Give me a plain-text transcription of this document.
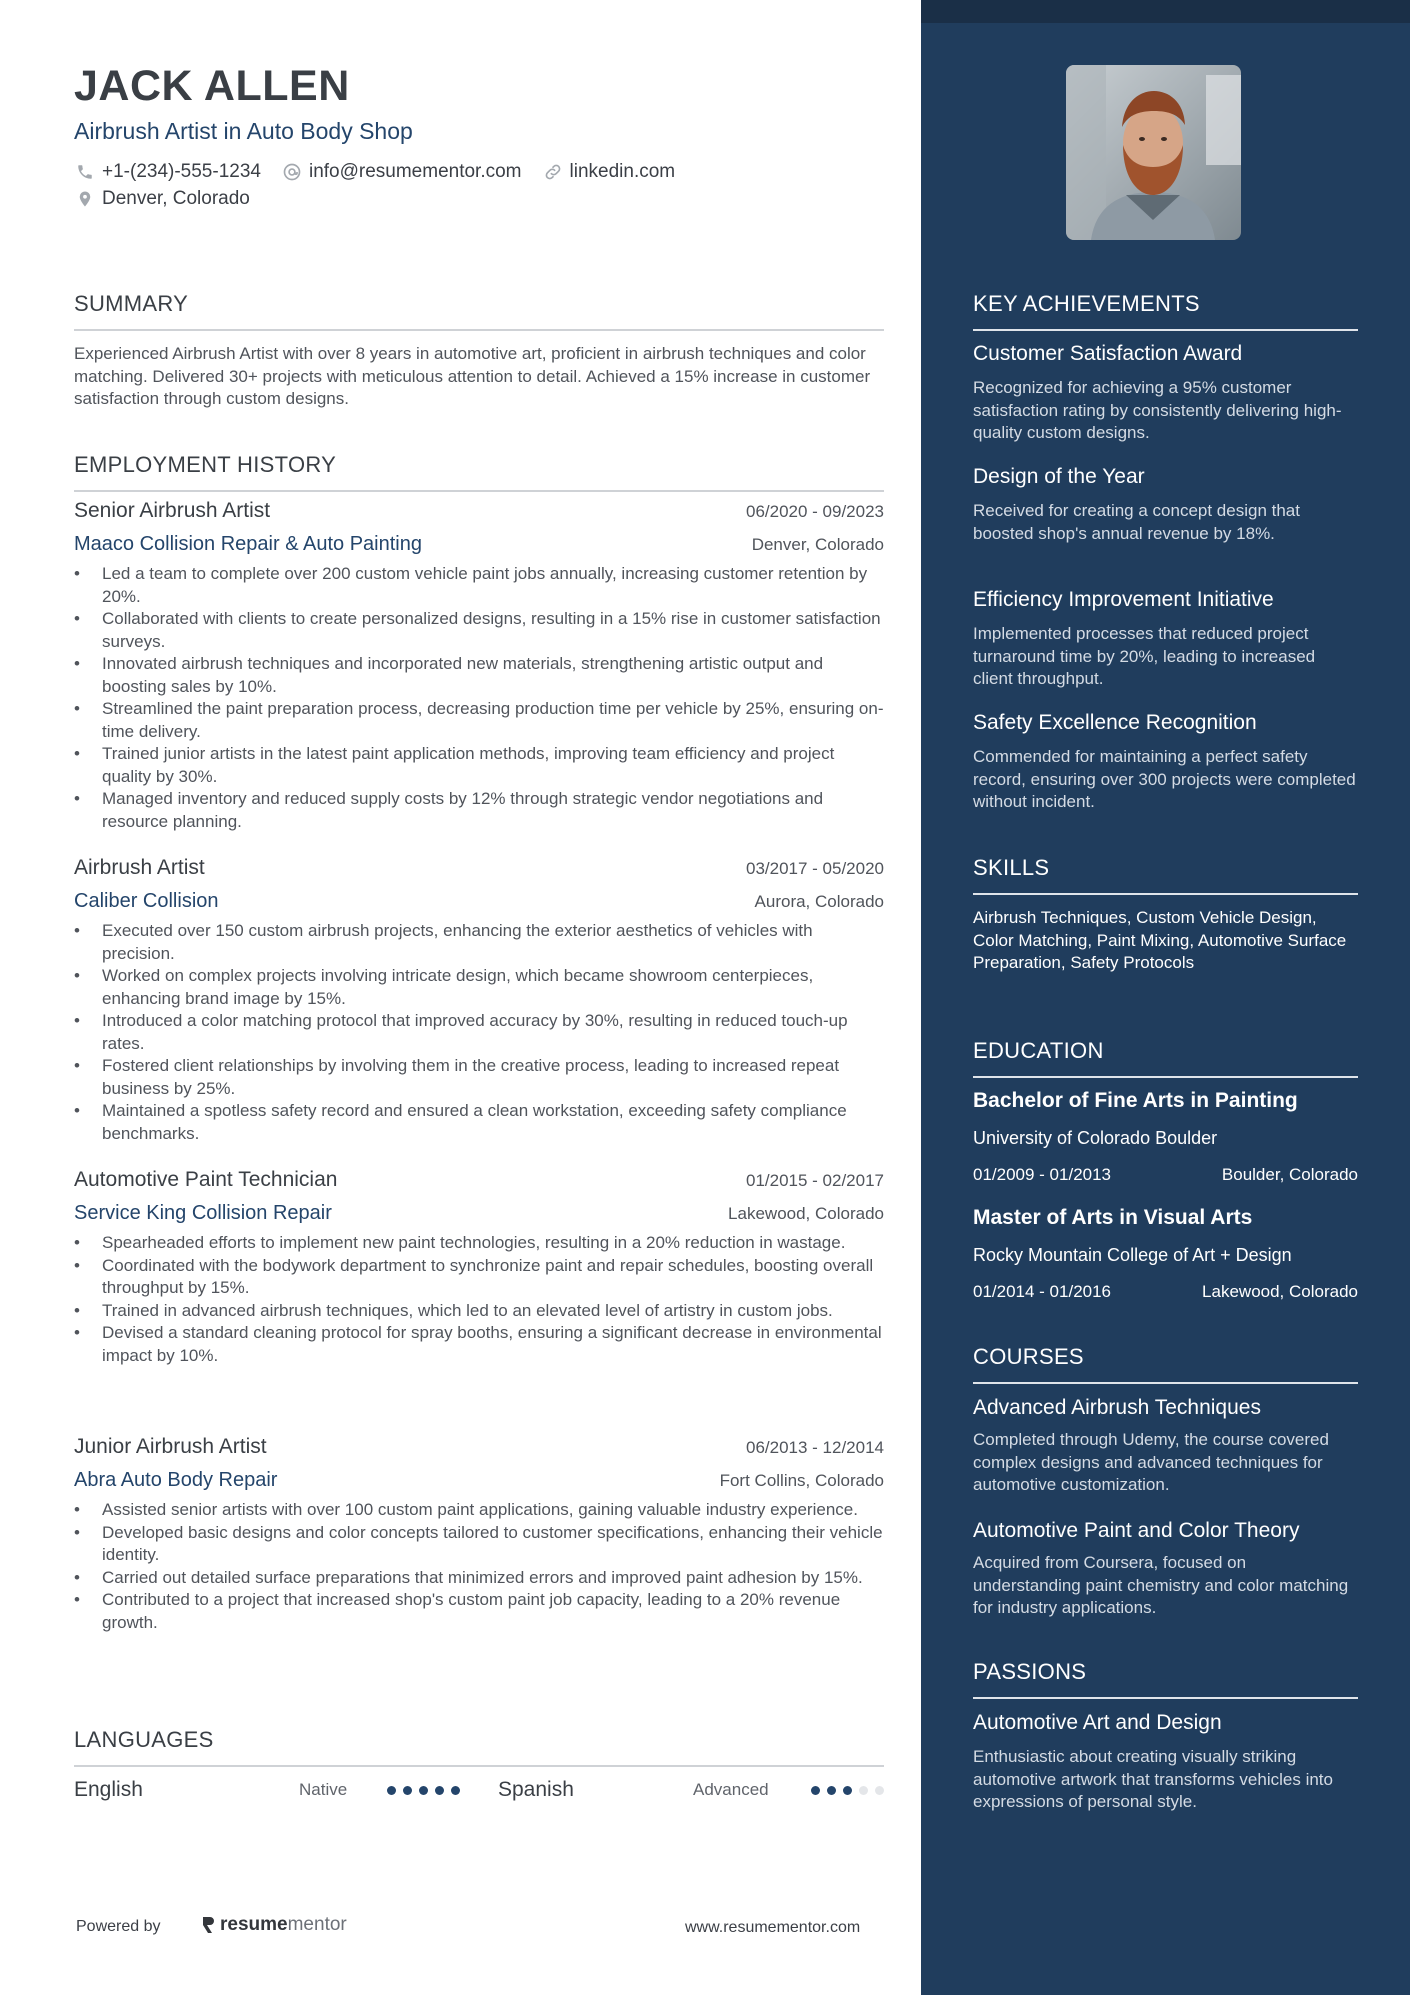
JACK ALLEN
Airbrush Artist in Auto Body Shop
+1-(234)-555-1234	info@resumementor.com	linkedin.com
Denver, Colorado
SUMMARY
Experienced Airbrush Artist with over 8 years in automotive art, proficient in airbrush techniques and color matching. Delivered 30+ projects with meticulous attention to detail. Achieved a 15% increase in customer satisfaction through custom designs.
EMPLOYMENT HISTORY
Senior Airbrush Artist	06/2020 - 09/2023
Maaco Collision Repair & Auto Painting	Denver, Colorado
• Led a team to complete over 200 custom vehicle paint jobs annually, increasing customer retention by 20%.
• Collaborated with clients to create personalized designs, resulting in a 15% rise in customer satisfaction surveys.
• Innovated airbrush techniques and incorporated new materials, strengthening artistic output and boosting sales by 10%.
• Streamlined the paint preparation process, decreasing production time per vehicle by 25%, ensuring on-time delivery.
• Trained junior artists in the latest paint application methods, improving team efficiency and project quality by 30%.
• Managed inventory and reduced supply costs by 12% through strategic vendor negotiations and resource planning.
Airbrush Artist	03/2017 - 05/2020
Caliber Collision	Aurora, Colorado
• Executed over 150 custom airbrush projects, enhancing the exterior aesthetics of vehicles with precision.
• Worked on complex projects involving intricate design, which became showroom centerpieces, enhancing brand image by 15%.
• Introduced a color matching protocol that improved accuracy by 30%, resulting in reduced touch-up rates.
• Fostered client relationships by involving them in the creative process, leading to increased repeat business by 25%.
• Maintained a spotless safety record and ensured a clean workstation, exceeding safety compliance benchmarks.
Automotive Paint Technician	01/2015 - 02/2017
Service King Collision Repair	Lakewood, Colorado
• Spearheaded efforts to implement new paint technologies, resulting in a 20% reduction in wastage.
• Coordinated with the bodywork department to synchronize paint and repair schedules, boosting overall throughput by 15%.
• Trained in advanced airbrush techniques, which led to an elevated level of artistry in custom jobs.
• Devised a standard cleaning protocol for spray booths, ensuring a significant decrease in environmental impact by 10%.
Junior Airbrush Artist	06/2013 - 12/2014
Abra Auto Body Repair	Fort Collins, Colorado
• Assisted senior artists with over 100 custom paint applications, gaining valuable industry experience.
• Developed basic designs and color concepts tailored to customer specifications, enhancing their vehicle identity.
• Carried out detailed surface preparations that minimized errors and improved paint adhesion by 15%.
• Contributed to a project that increased shop's custom paint job capacity, leading to a 20% revenue growth.
LANGUAGES
English	Native	Spanish	Advanced
Powered by	resume mentor	www.resumementor.com
KEY ACHIEVEMENTS
Customer Satisfaction Award
Recognized for achieving a 95% customer satisfaction rating by consistently delivering high-quality custom designs.
Design of the Year
Received for creating a concept design that boosted shop's annual revenue by 18%.
Efficiency Improvement Initiative
Implemented processes that reduced project turnaround time by 20%, leading to increased client throughput.
Safety Excellence Recognition
Commended for maintaining a perfect safety record, ensuring over 300 projects were completed without incident.
SKILLS
Airbrush Techniques, Custom Vehicle Design, Color Matching, Paint Mixing, Automotive Surface Preparation, Safety Protocols
EDUCATION
Bachelor of Fine Arts in Painting
University of Colorado Boulder
01/2009 - 01/2013	Boulder, Colorado
Master of Arts in Visual Arts
Rocky Mountain College of Art + Design
01/2014 - 01/2016	Lakewood, Colorado
COURSES
Advanced Airbrush Techniques
Completed through Udemy, the course covered complex designs and advanced techniques for automotive customization.
Automotive Paint and Color Theory
Acquired from Coursera, focused on understanding paint chemistry and color matching for industry applications.
PASSIONS
Automotive Art and Design
Enthusiastic about creating visually striking automotive artwork that transforms vehicles into expressions of personal style.
